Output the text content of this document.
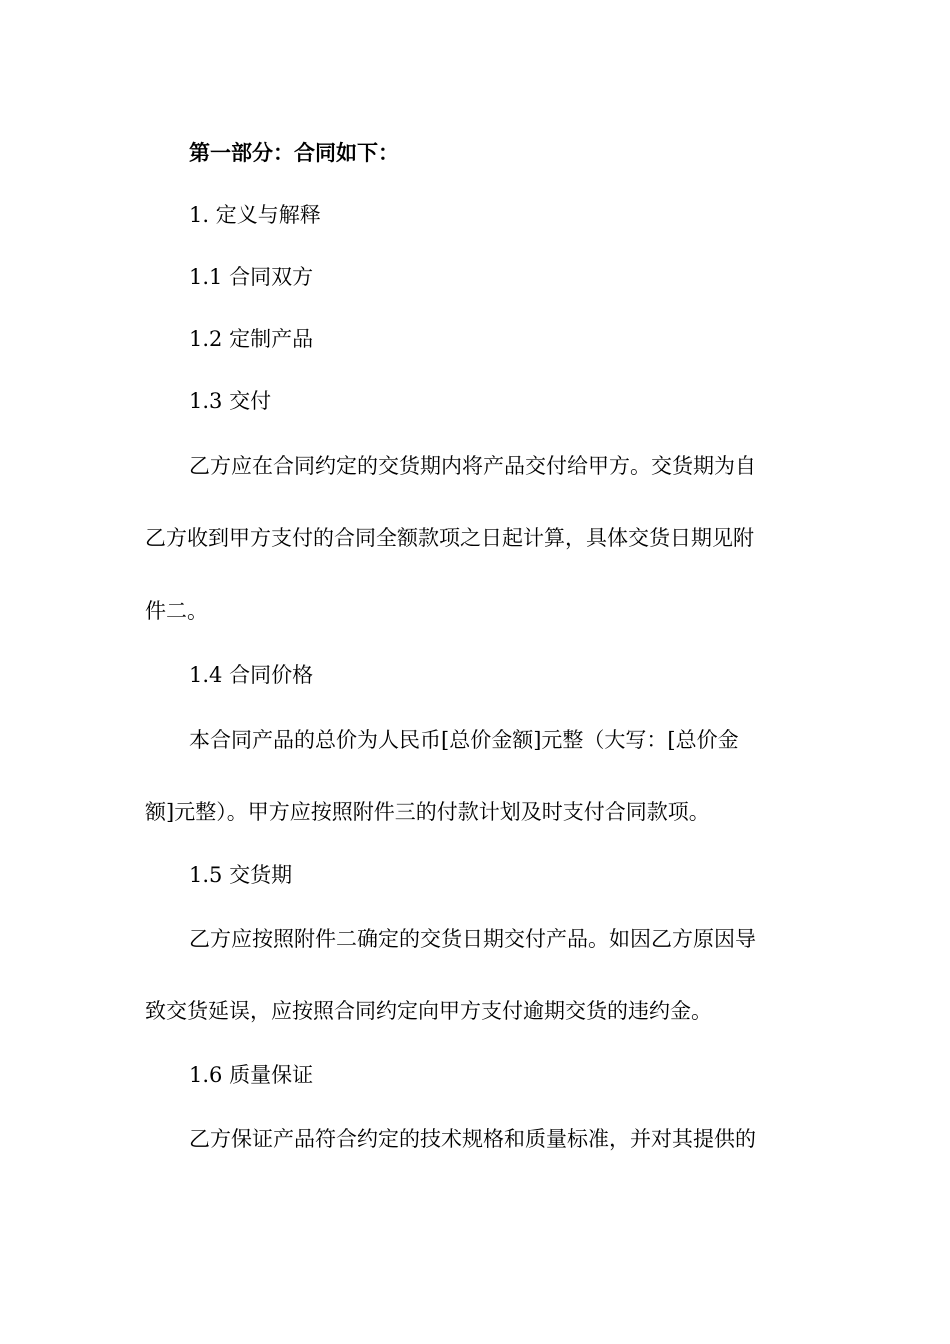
第一部分：合同如下：
1. 定义与解释
1.1 合同双方
1.2 定制产品
1.3 交付
乙方应在合同约定的交货期内将产品交付给甲方。交货期为自
乙方收到甲方支付的合同全额款项之日起计算，具体交货日期见附
件二。
1.4 合同价格
本合同产品的总价为人民币[总价金额]元整（大写：[总价金
额]元整）。甲方应按照附件三的付款计划及时支付合同款项。
1.5 交货期
乙方应按照附件二确定的交货日期交付产品。如因乙方原因导
致交货延误，应按照合同约定向甲方支付逾期交货的违约金。
1.6 质量保证
乙方保证产品符合约定的技术规格和质量标准，并对其提供的
